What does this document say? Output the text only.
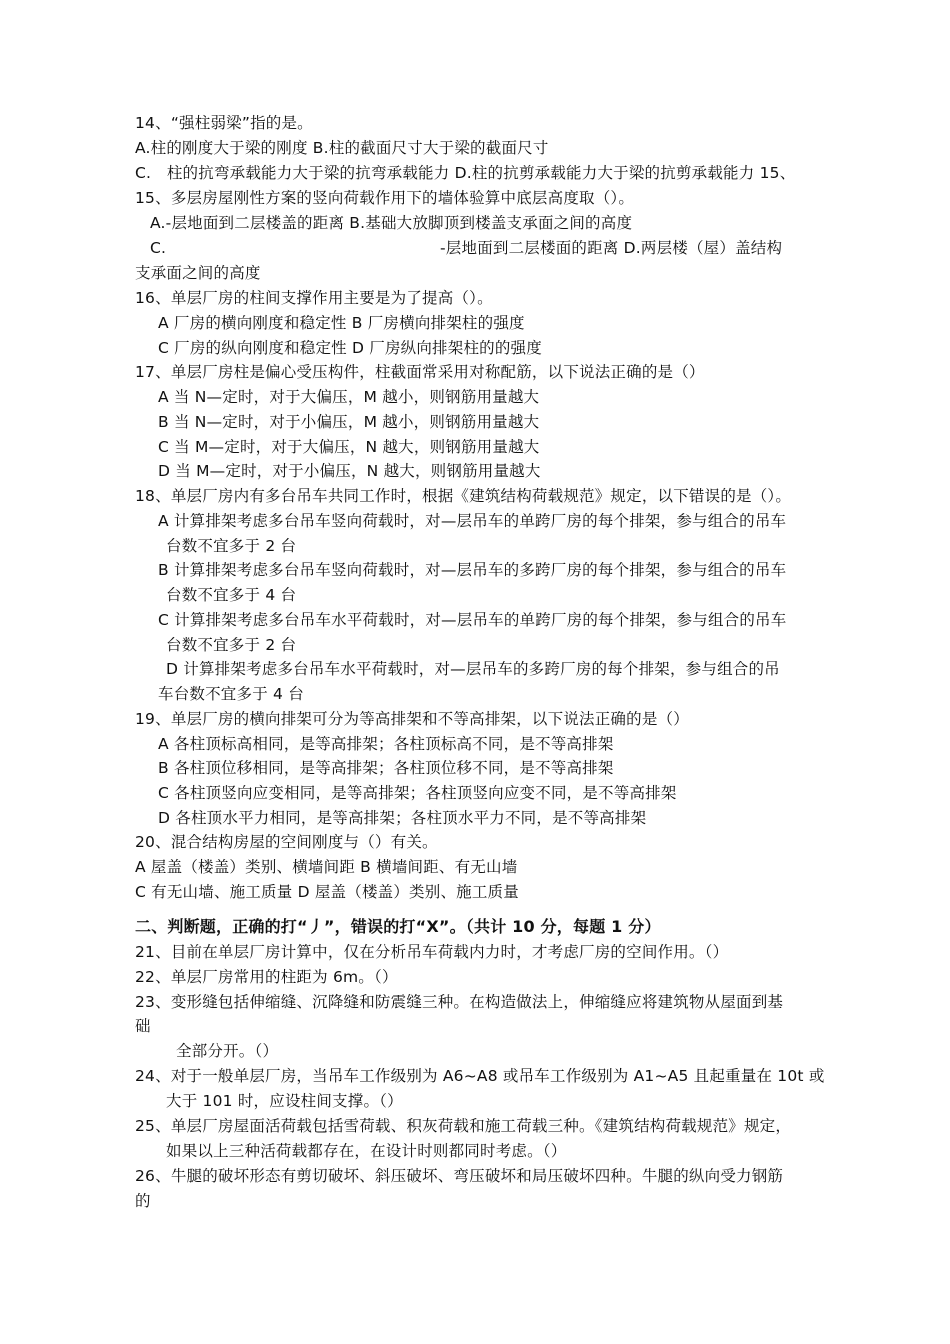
14、“强柱弱梁”指的是。
A.柱的刚度大于梁的刚度 B.柱的截面尺寸大于梁的截面尺寸
C.　柱的抗弯承载能力大于梁的抗弯承载能力 D.柱的抗剪承载能力大于梁的抗剪承载能力 15、
15、多层房屋刚性方案的竖向荷载作用下的墙体验算中底层高度取（）。
A.-层地面到二层楼盖的距离 B.基础大放脚顶到楼盖支承面之间的高度
C.	-层地面到二层楼面的距离 D.两层楼（屋）盖结构
支承面之间的高度
16、单层厂房的柱间支撑作用主要是为了提高（）。
A 厂房的横向刚度和稳定性 B 厂房横向排架柱的强度
C 厂房的纵向刚度和稳定性 D 厂房纵向排架柱的的强度
17、单层厂房柱是偏心受压构件，柱截面常采用对称配筋，以下说法正确的是（）
A 当 N—定时，对于大偏压，M 越小，则钢筋用量越大
B 当 N—定时，对于小偏压，M 越小，则钢筋用量越大
C 当 M—定时，对于大偏压，N 越大，则钢筋用量越大
D 当 M—定时，对于小偏压，N 越大，则钢筋用量越大
18、单层厂房内有多台吊车共同工作时，根据《建筑结构荷载规范》规定，以下错误的是（）。
A 计算排架考虑多台吊车竖向荷载时，对—层吊车的单跨厂房的每个排架，参与组合的吊车
台数不宜多于 2 台
B 计算排架考虑多台吊车竖向荷载时，对—层吊车的多跨厂房的每个排架，参与组合的吊车
台数不宜多于 4 台
C 计算排架考虑多台吊车水平荷载时，对—层吊车的单跨厂房的每个排架，参与组合的吊车
台数不宜多于 2 台
D 计算排架考虑多台吊车水平荷载时，对—层吊车的多跨厂房的每个排架，参与组合的吊
车台数不宜多于 4 台
19、单层厂房的横向排架可分为等高排架和不等高排架，以下说法正确的是（）
A 各柱顶标高相同，是等高排架；各柱顶标高不同，是不等高排架
B 各柱顶位移相同，是等高排架；各柱顶位移不同，是不等高排架
C 各柱顶竖向应变相同，是等高排架；各柱顶竖向应变不同，是不等高排架
D 各柱顶水平力相同，是等高排架；各柱顶水平力不同，是不等高排架
20、混合结构房屋的空间刚度与（）有关。
A 屋盖（楼盖）类别、横墙间距 B 横墙间距、有无山墙
C 有无山墙、施工质量 D 屋盖（楼盖）类别、施工质量
二、判断题，正确的打“丿”，错误的打“X”。（共计 10 分，每题 1 分）
21、目前在单层厂房计算中，仅在分析吊车荷载内力时，才考虑厂房的空间作用。（）
22、单层厂房常用的柱距为 6m。（）
23、变形缝包括伸缩缝、沉降缝和防震缝三种。在构造做法上，伸缩缝应将建筑物从屋面到基
础
全部分开。（）
24、对于一般单层厂房，当吊车工作级别为 A6~A8 或吊车工作级别为 A1~A5 且起重量在 10t 或
大于 101 时，应设柱间支撑。（）
25、单层厂房屋面活荷载包括雪荷载、积灰荷载和施工荷载三种。《建筑结构荷载规范》规定，
如果以上三种活荷载都存在，在设计时则都同时考虑。（）
26、牛腿的破坏形态有剪切破坏、斜压破坏、弯压破坏和局压破坏四种。牛腿的纵向受力钢筋
的
